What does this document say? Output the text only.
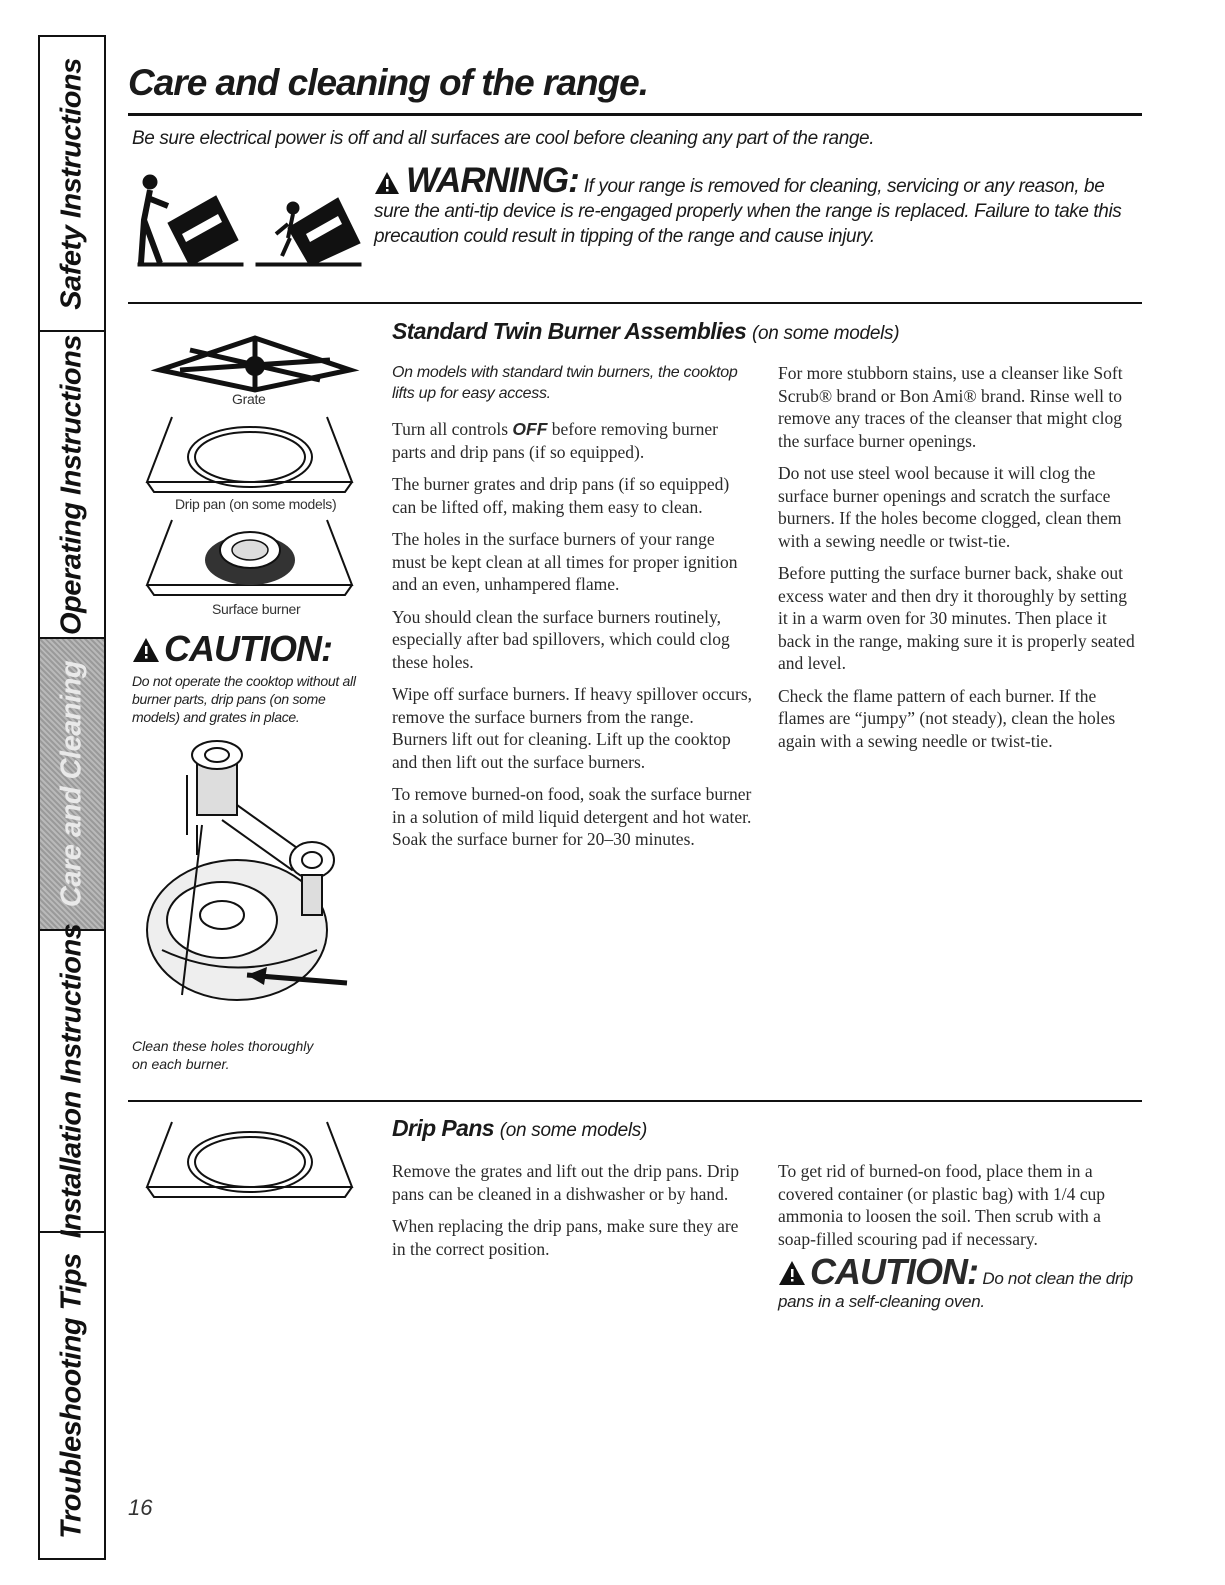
Safety Instructions
Operating Instructions
Care and Cleaning
Installation Instructions
Troubleshooting Tips
Care and cleaning of the range.
Be sure electrical power is off and all surfaces are cool before cleaning any part of the range.
WARNING: If your range is removed for cleaning, servicing or any reason, be sure the anti-tip device is re-engaged properly when the range is replaced. Failure to take this precaution could result in tipping of the range and cause injury.
Standard Twin Burner Assemblies (on some models)
Grate
Drip pan (on some models)
Surface burner
CAUTION:
Do not operate the cooktop without all burner parts, drip pans (on some models) and grates in place.
Clean these holes thoroughly on each burner.

On models with standard twin burners, the cooktop lifts up for easy access.

Turn all controls OFF before removing burner parts and drip pans (if so equipped).

The burner grates and drip pans (if so equipped) can be lifted off, making them easy to clean.

The holes in the surface burners of your range must be kept clean at all times for proper ignition and an even, unhampered flame.

You should clean the surface burners routinely, especially after bad spillovers, which could clog these holes.

Wipe off surface burners. If heavy spillover occurs, remove the surface burners from the range. Burners lift out for cleaning. Lift up the cooktop and then lift out the surface burners.

To remove burned-on food, soak the surface burner in a solution of mild liquid detergent and hot water. Soak the surface burner for 20–30 minutes.

For more stubborn stains, use a cleanser like Soft Scrub® brand or Bon Ami® brand. Rinse well to remove any traces of the cleanser that might clog the surface burner openings.

Do not use steel wool because it will clog the surface burner openings and scratch the surface burners. If the holes become clogged, clean them with a sewing needle or twist-tie.

Before putting the surface burner back, shake out excess water and then dry it thoroughly by setting it in a warm oven for 30 minutes. Then place it back in the range, making sure it is properly seated and level.

Check the flame pattern of each burner. If the flames are “jumpy” (not steady), clean the holes again with a sewing needle or twist-tie.

Drip Pans (on some models)

Remove the grates and lift out the drip pans. Drip pans can be cleaned in a dishwasher or by hand.

When replacing the drip pans, make sure they are in the correct position.

To get rid of burned-on food, place them in a covered container (or plastic bag) with 1/4 cup ammonia to loosen the soil. Then scrub with a soap-filled scouring pad if necessary.

CAUTION: Do not clean the drip pans in a self-cleaning oven.
16
